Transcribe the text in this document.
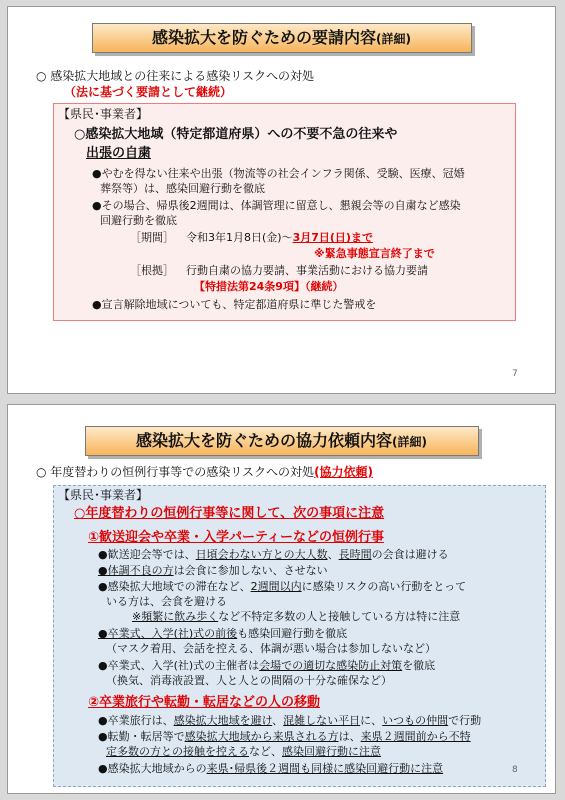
感染拡大を防ぐための要請内容(詳細)
○ 感染拡大地域との往来による感染リスクへの対処
（法に基づく要請として継続）
【県民･事業者】
○感染拡大地域（特定都道府県）への不要不急の往来や
出張の自粛
●やむを得ない往来や出張（物流等の社会インフラ関係、受験、医療、冠婚
葬祭等）は、感染回避行動を徹底
●その場合、帰県後2週間は、体調管理に留意し、懇親会等の自粛など感染
回避行動を徹底
［期間］ 令和3年1月8日(金)～3月7日(日)まで
※緊急事態宣言終了まで
［根拠］ 行動自粛の協力要請、事業活動における協力要請
【特措法第24条9項】（継続）
●宣言解除地域についても、特定都道府県に準じた警戒を
7
感染拡大を防ぐための協力依頼内容(詳細)
○ 年度替わりの恒例行事等での感染リスクへの対処(協力依頼)
【県民･事業者】
○年度替わりの恒例行事等に関して、次の事項に注意
①歓送迎会や卒業・入学パーティーなどの恒例行事
●歓送迎会等では、日頃会わない方との大人数、長時間の会食は避ける
●体調不良の方は会食に参加しない、させない
●感染拡大地域での滞在など、2週間以内に感染リスクの高い行動をとって
いる方は、会食を避ける
※頻繁に飲み歩くなど不特定多数の人と接触している方は特に注意
●卒業式、入学(社)式の前後も感染回避行動を徹底
（マスク着用、会話を控える、体調が悪い場合は参加しないなど）
●卒業式、入学(社)式の主催者は会場での適切な感染防止対策を徹底
（換気、消毒液設置、人と人との間隔の十分な確保など）
②卒業旅行や転勤・転居などの人の移動
●卒業旅行は、感染拡大地域を避け、混雑しない平日に、いつもの仲間で行動
●転勤・転居等で感染拡大地域から来県される方は、来県２週間前から不特
定多数の方との接触を控えるなど、感染回避行動に注意
●感染拡大地域からの来県･帰県後２週間も同様に感染回避行動に注意	8
